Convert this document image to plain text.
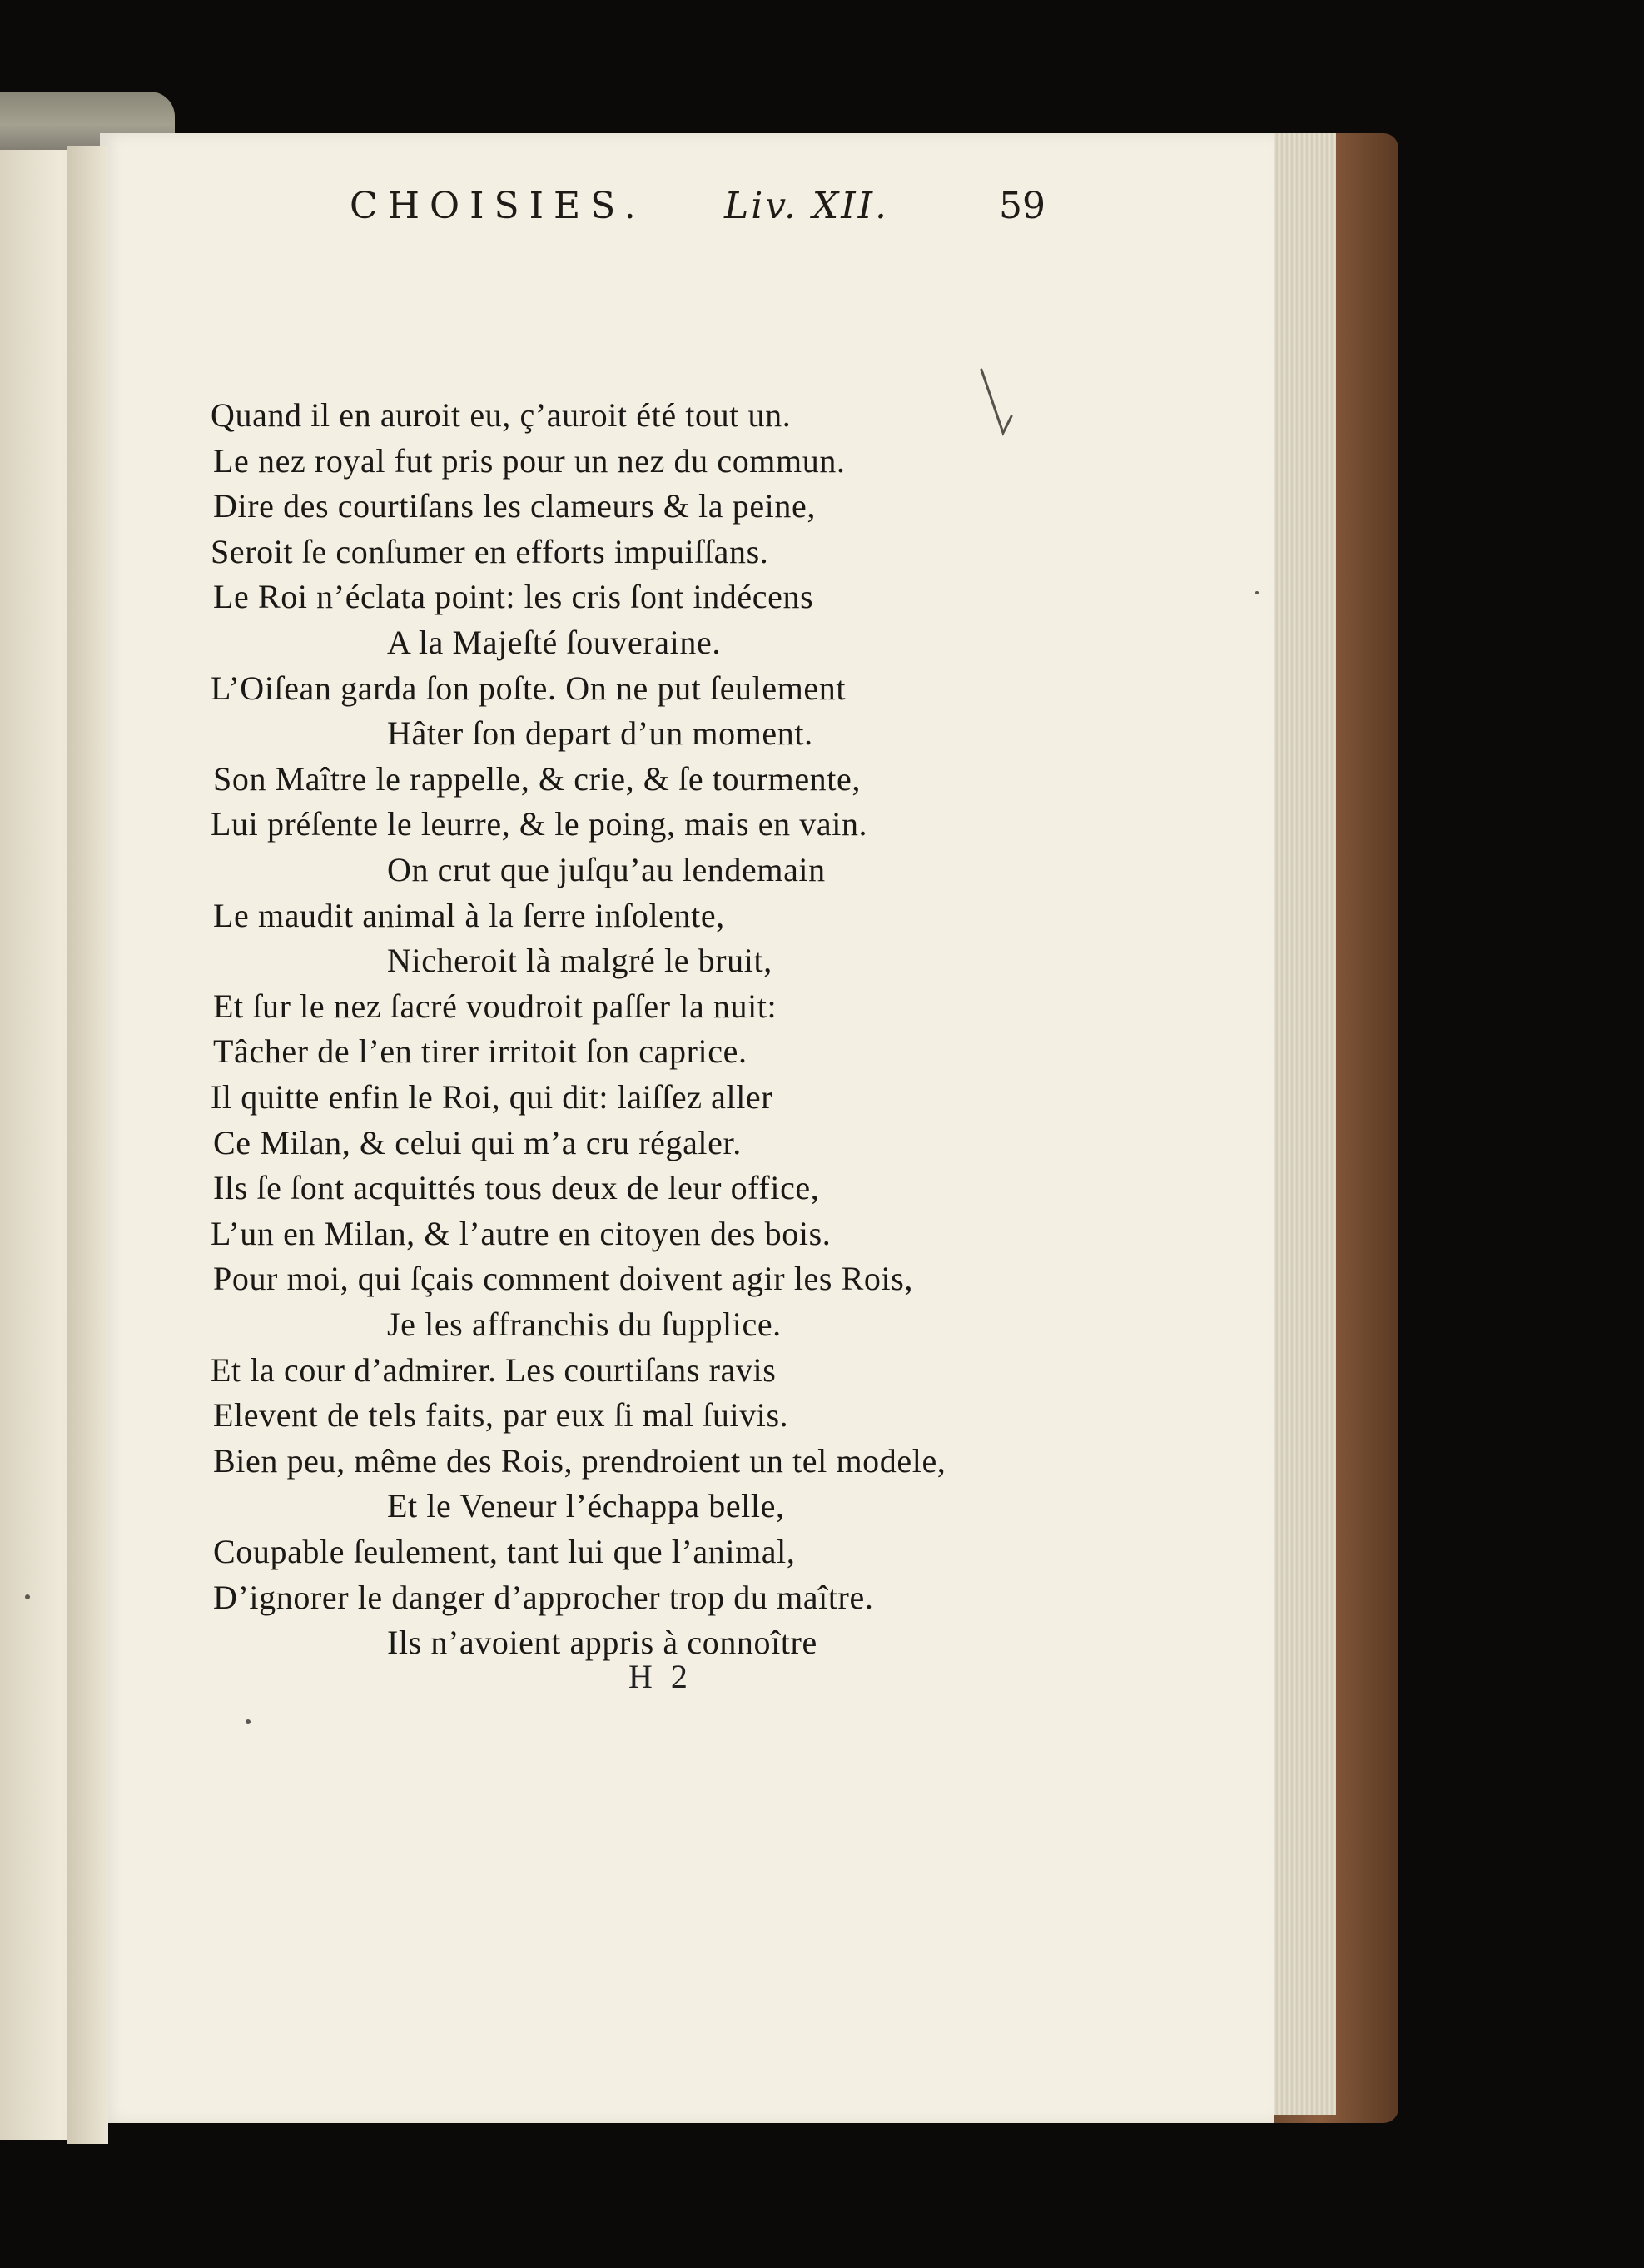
CHOISIES. Liv. XII.	59
Quand il en auroit eu, ç’auroit été tout un.
Le nez royal fut pris pour un nez du commun.
Dire des courtiſans les clameurs & la peine,
Seroit ſe conſumer en efforts impuiſſans.
Le Roi n’éclata point: les cris ſont indécens
A la Majeſté ſouveraine.
L’Oiſean garda ſon poſte. On ne put ſeulement
Hâter ſon depart d’un moment.
Son Maître le rappelle, & crie, & ſe tourmente,
Lui préſente le leurre, & le poing, mais en vain.
On crut que juſqu’au lendemain
Le maudit animal à la ſerre inſolente,
Nicheroit là malgré le bruit,
Et ſur le nez ſacré voudroit paſſer la nuit:
Tâcher de l’en tirer irritoit ſon caprice.
Il quitte enfin le Roi, qui dit: laiſſez aller
Ce Milan, & celui qui m’a cru régaler.
Ils ſe ſont acquittés tous deux de leur office,
L’un en Milan, & l’autre en citoyen des bois.
Pour moi, qui ſçais comment doivent agir les Rois,
Je les affranchis du ſupplice.
Et la cour d’admirer. Les courtiſans ravis
Elevent de tels faits, par eux ſi mal ſuivis.
Bien peu, même des Rois, prendroient un tel modele,
Et le Veneur l’échappa belle,
Coupable ſeulement, tant lui que l’animal,
D’ignorer le danger d’approcher trop du maître.
Ils n’avoient appris à connoître
H 2
